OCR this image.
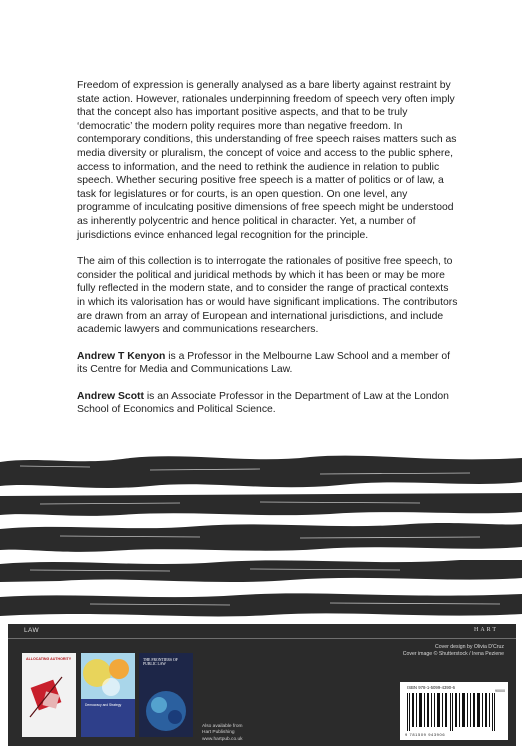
Freedom of expression is generally analysed as a bare liberty against restraint by state action. However, rationales underpinning freedom of speech very often imply that the concept also has important positive aspects, and that to be truly ‘democratic’ the modern polity requires more than negative freedom. In contemporary conditions, this understanding of free speech raises matters such as media diversity or pluralism, the concept of voice and access to the public sphere, access to information, and the need to rethink the audience in relation to public speech. Whether securing positive free speech is a matter of politics or of law, a task for legislatures or for courts, is an open question. On one level, any programme of inculcating positive dimensions of free speech might be understood as inherently polycentric and hence political in character. Yet, a number of jurisdictions evince enhanced legal recognition for the principle.

The aim of this collection is to interrogate the rationales of positive free speech, to consider the political and juridical methods by which it has been or may be more fully reflected in the modern state, and to consider the range of practical contexts in which its valorisation has or would have significant implications. The contributors are drawn from an array of European and international jurisdictions, and include academic lawyers and communications researchers.

Andrew T Kenyon is a Professor in the Melbourne Law School and a member of its Centre for Media and Communications Law.

Andrew Scott is an Associate Professor in the Department of Law at the London School of Economics and Political Science.

LAW	HART
ALLOCATING AUTHORITY
Democracy and Strategy
THE FRONTIERS OF PUBLIC LAW
Also available from
Hart Publishing
www.hartpub.co.uk
Cover design by Olivia D'Cruz
Cover image © Shutterstock / Irena Peziene
ISBN 978-1-5099-4390-6
90000
9 781509 943906
